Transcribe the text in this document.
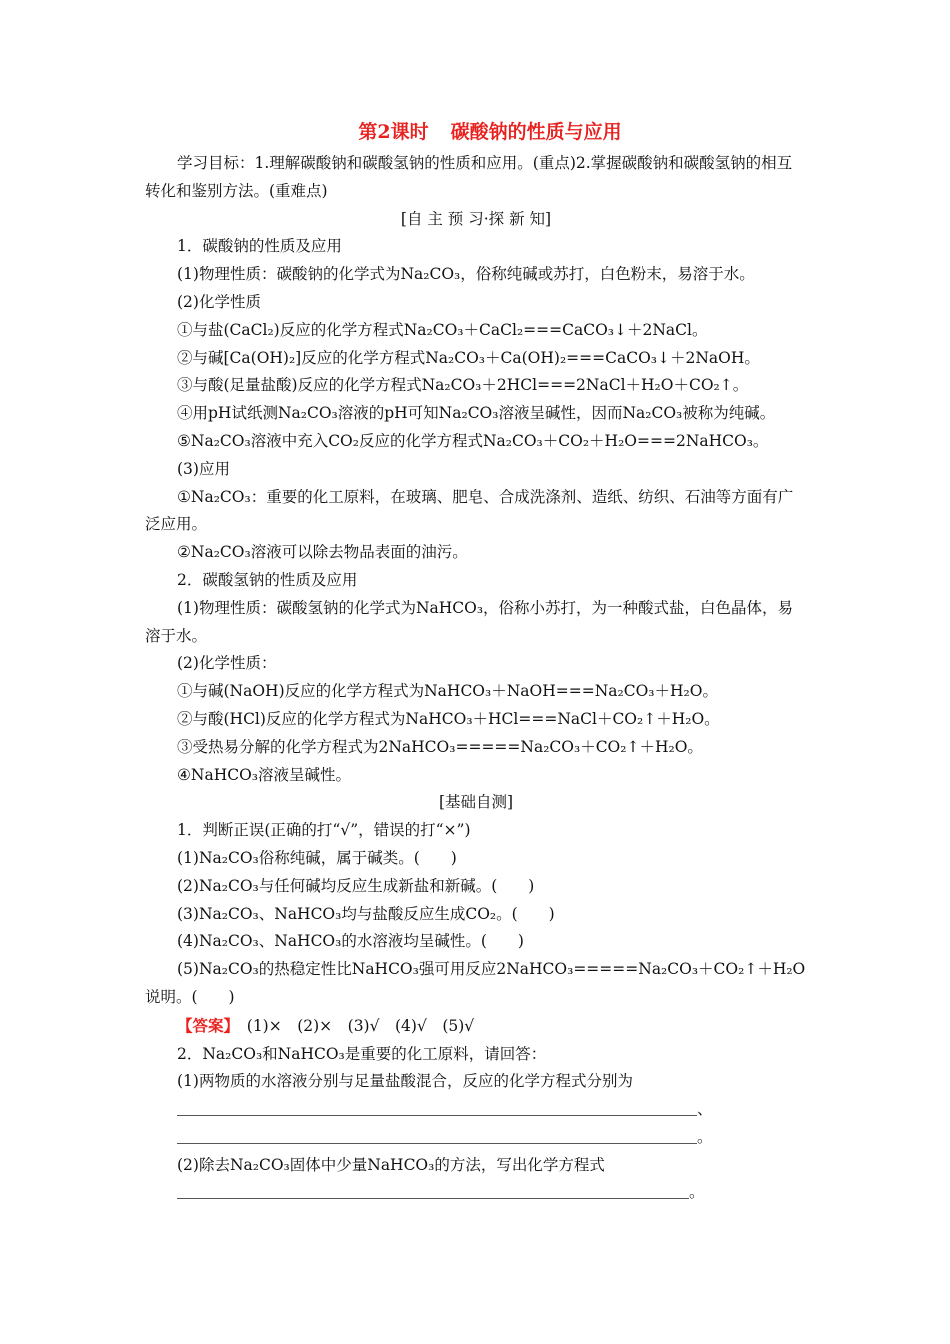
第2课时 碳酸钠的性质与应用

学习目标：1.理解碳酸钠和碳酸氢钠的性质和应用。(重点)2.掌握碳酸钠和碳酸氢钠的相互转化和鉴别方法。(重难点)

[自 主 预 习·探 新 知]

1．碳酸钠的性质及应用

(1)物理性质：碳酸钠的化学式为Na₂CO₃，俗称纯碱或苏打，白色粉末，易溶于水。

(2)化学性质

①与盐(CaCl₂)反应的化学方程式Na₂CO₃＋CaCl₂===CaCO₃↓＋2NaCl。

②与碱[Ca(OH)₂]反应的化学方程式Na₂CO₃＋Ca(OH)₂===CaCO₃↓＋2NaOH。

③与酸(足量盐酸)反应的化学方程式Na₂CO₃＋2HCl===2NaCl＋H₂O＋CO₂↑。

④用pH试纸测Na₂CO₃溶液的pH可知Na₂CO₃溶液呈碱性，因而Na₂CO₃被称为纯碱。

⑤Na₂CO₃溶液中充入CO₂反应的化学方程式Na₂CO₃＋CO₂＋H₂O===2NaHCO₃。

(3)应用

①Na₂CO₃：重要的化工原料，在玻璃、肥皂、合成洗涤剂、造纸、纺织、石油等方面有广泛应用。

②Na₂CO₃溶液可以除去物品表面的油污。

2．碳酸氢钠的性质及应用

(1)物理性质：碳酸氢钠的化学式为NaHCO₃，俗称小苏打，为一种酸式盐，白色晶体，易溶于水。

(2)化学性质：

①与碱(NaOH)反应的化学方程式为NaHCO₃＋NaOH===Na₂CO₃＋H₂O。

②与酸(HCl)反应的化学方程式为NaHCO₃＋HCl===NaCl＋CO₂↑＋H₂O。

③受热易分解的化学方程式为2NaHCO₃=====Na₂CO₃＋CO₂↑＋H₂O。

④NaHCO₃溶液呈碱性。

[基础自测]

1．判断正误(正确的打“√”，错误的打“×”)

(1)Na₂CO₃俗称纯碱，属于碱类。(　　)

(2)Na₂CO₃与任何碱均反应生成新盐和新碱。(　　)

(3)Na₂CO₃、NaHCO₃均与盐酸反应生成CO₂。(　　)

(4)Na₂CO₃、NaHCO₃的水溶液均呈碱性。(　　)

(5)Na₂CO₃的热稳定性比NaHCO₃强可用反应2NaHCO₃=====Na₂CO₃＋CO₂↑＋H₂O说明。(　　)

【答案】　(1)×　(2)×　(3)√　(4)√　(5)√

2．Na₂CO₃和NaHCO₃是重要的化工原料，请回答：

(1)两物质的水溶液分别与足量盐酸混合，反应的化学方程式分别为

、

。

(2)除去Na₂CO₃固体中少量NaHCO₃的方法，写出化学方程式

。
